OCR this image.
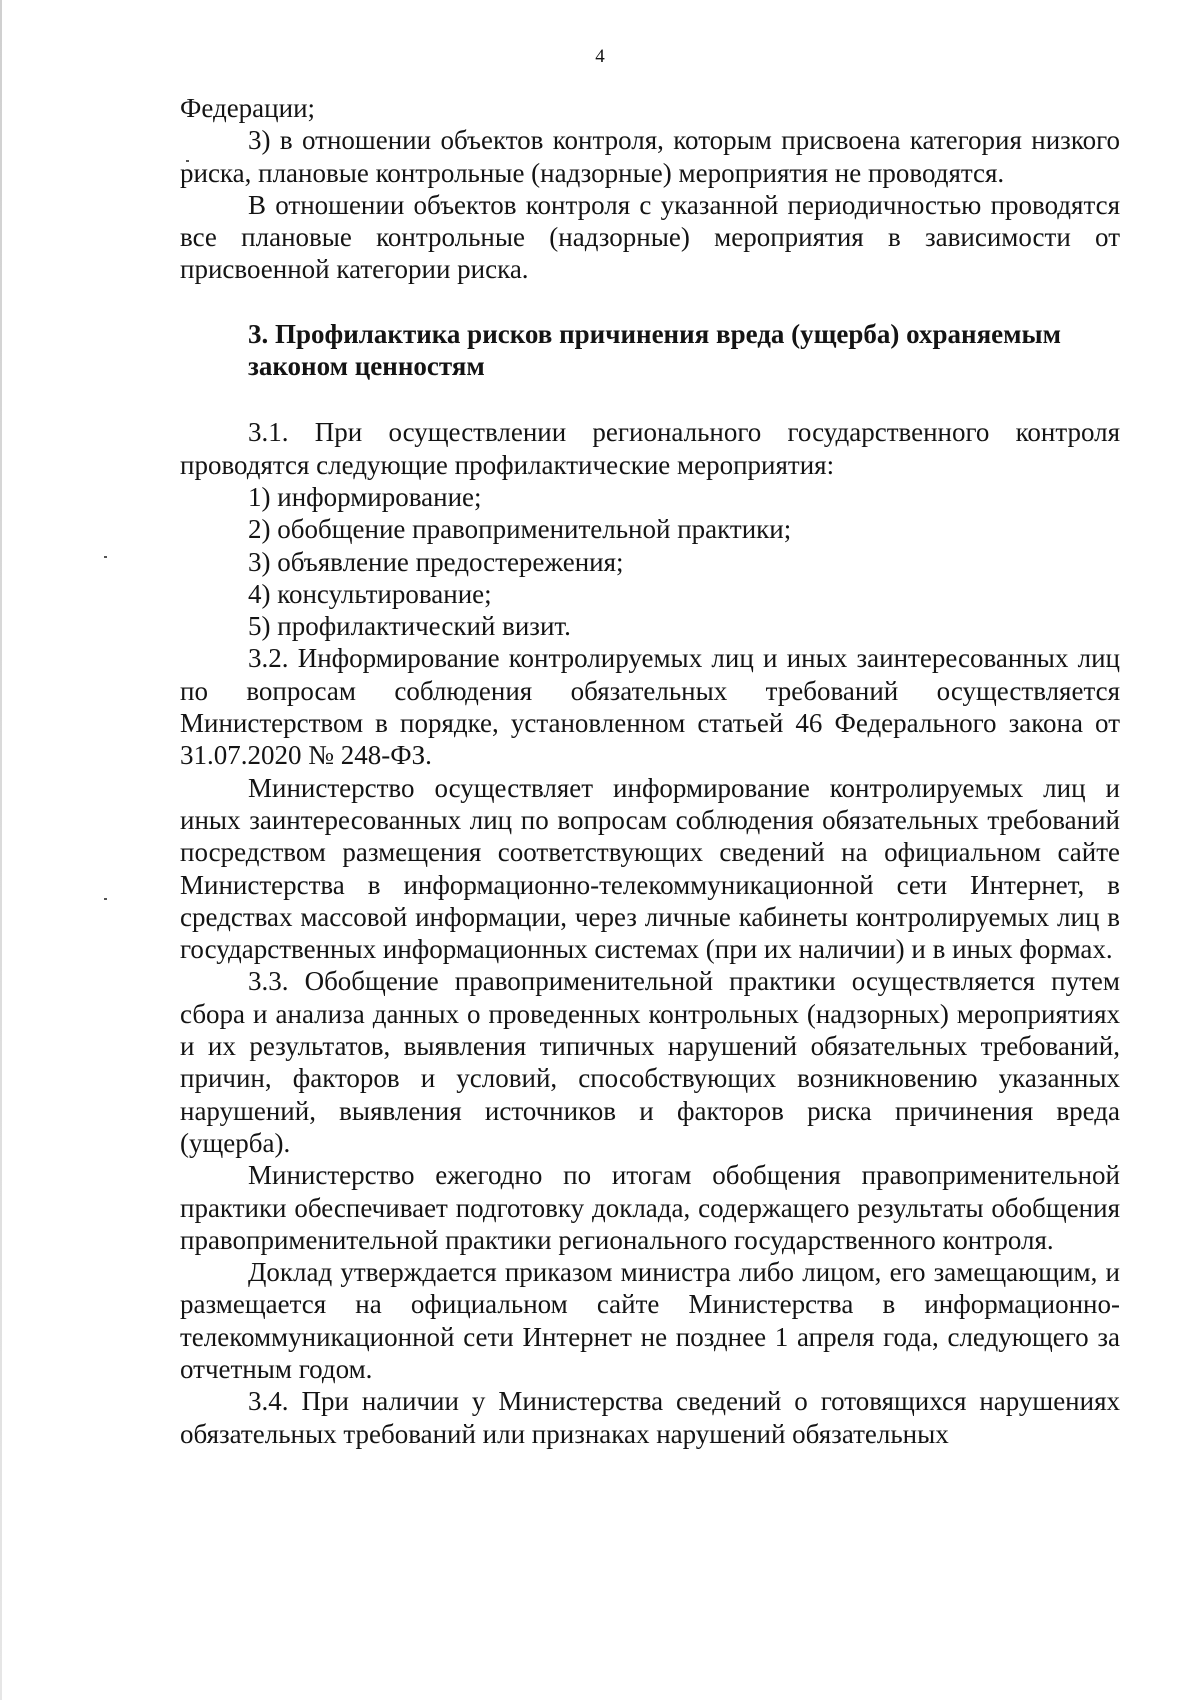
4

Федерации;

3) в отношении объектов контроля, которым присвоена категория низкого риска, плановые контрольные (надзорные) мероприятия не проводятся.

В отношении объектов контроля с указанной периодичностью проводятся все плановые контрольные (надзорные) мероприятия в зависимости от присвоенной категории риска.

3. Профилактика рисков причинения вреда (ущерба) охраняемым

законом ценностям

3.1. При осуществлении регионального государственного контроля проводятся следующие профилактические мероприятия:

1) информирование;

2) обобщение правоприменительной практики;

3) объявление предостережения;

4) консультирование;

5) профилактический визит.

3.2. Информирование контролируемых лиц и иных заинтересованных лиц по вопросам соблюдения обязательных требований осуществляется Министерством в порядке, установленном статьей 46 Федерального закона от 31.07.2020 № 248-ФЗ.

Министерство осуществляет информирование контролируемых лиц и иных заинтересованных лиц по вопросам соблюдения обязательных требований посредством размещения соответствующих сведений на официальном сайте Министерства в информационно-телекоммуникационной сети Интернет, в средствах массовой информации, через личные кабинеты контролируемых лиц в государственных информационных системах (при их наличии) и в иных формах.

3.3. Обобщение правоприменительной практики осуществляется путем сбора и анализа данных о проведенных контрольных (надзорных) мероприятиях и их результатов, выявления типичных нарушений обязательных требований, причин, факторов и условий, способствующих возникновению указанных нарушений, выявления источников и факторов риска причинения вреда (ущерба).

Министерство ежегодно по итогам обобщения правоприменительной практики обеспечивает подготовку доклада, содержащего результаты обобщения правоприменительной практики регионального государственного контроля.

Доклад утверждается приказом министра либо лицом, его замещающим, и размещается на официальном сайте Министерства в информационно-телекоммуникационной сети Интернет не позднее 1 апреля года, следующего за отчетным годом.

3.4. При наличии у Министерства сведений о готовящихся нарушениях обязательных требований или признаках нарушений обязательных
